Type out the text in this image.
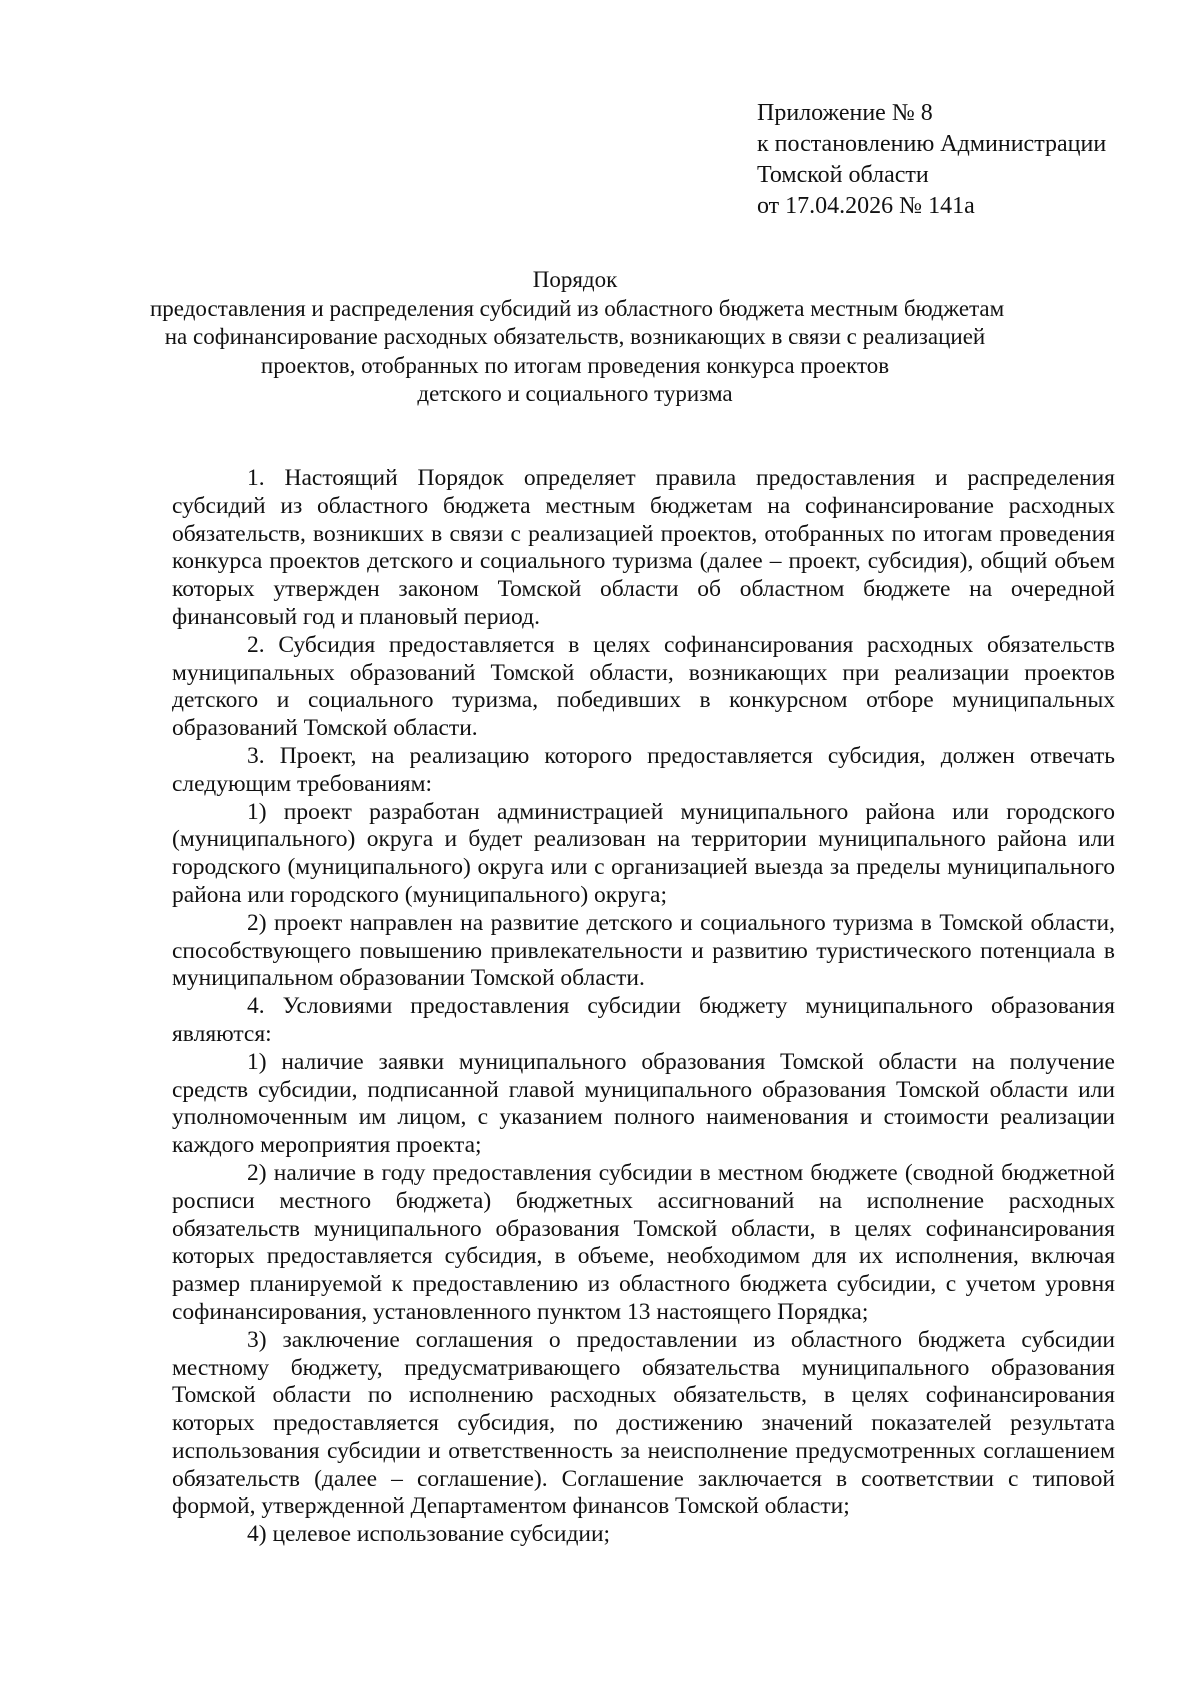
Приложение № 8
к постановлению Администрации
Томской области
от 17.04.2026 № 141а
Порядок
предоставления и распределения субсидий из областного бюджета местным бюджетам
на софинансирование расходных обязательств, возникающих в связи с реализацией
проектов, отобранных по итогам проведения конкурса проектов
детского и социального туризма

1. Настоящий Порядок определяет правила предоставления и распределения субсидий из областного бюджета местным бюджетам на софинансирование расходных обязательств, возникших в связи с реализацией проектов, отобранных по итогам проведения конкурса проектов детского и социального туризма (далее – проект, субсидия), общий объем которых утвержден законом Томской области об областном бюджете на очередной финансовый год и плановый период.

2. Субсидия предоставляется в целях софинансирования расходных обязательств муниципальных образований Томской области, возникающих при реализации проектов детского и социального туризма, победивших в конкурсном отборе муниципальных образований Томской области.

3. Проект, на реализацию которого предоставляется субсидия, должен отвечать следующим требованиям:

1) проект разработан администрацией муниципального района или городского (муниципального) округа и будет реализован на территории муниципального района или городского (муниципального) округа или с организацией выезда за пределы муниципального района или городского (муниципального) округа;

2) проект направлен на развитие детского и социального туризма в Томской области, способствующего повышению привлекательности и развитию туристического потенциала в муниципальном образовании Томской области.

4. Условиями предоставления субсидии бюджету муниципального образования являются:

1) наличие заявки муниципального образования Томской области на получение средств субсидии, подписанной главой муниципального образования Томской области или уполномоченным им лицом, с указанием полного наименования и стоимости реализации каждого мероприятия проекта;

2) наличие в году предоставления субсидии в местном бюджете (сводной бюджетной росписи местного бюджета) бюджетных ассигнований на исполнение расходных обязательств муниципального образования Томской области, в целях софинансирования которых предоставляется субсидия, в объеме, необходимом для их исполнения, включая размер планируемой к предоставлению из областного бюджета субсидии, с учетом уровня софинансирования, установленного пунктом 13 настоящего Порядка;

3) заключение соглашения о предоставлении из областного бюджета субсидии местному бюджету, предусматривающего обязательства муниципального образования Томской области по исполнению расходных обязательств, в целях софинансирования которых предоставляется субсидия, по достижению значений показателей результата использования субсидии и ответственность за неисполнение предусмотренных соглашением обязательств (далее – соглашение). Соглашение заключается в соответствии с типовой формой, утвержденной Департаментом финансов Томской области;

4) целевое использование субсидии;
